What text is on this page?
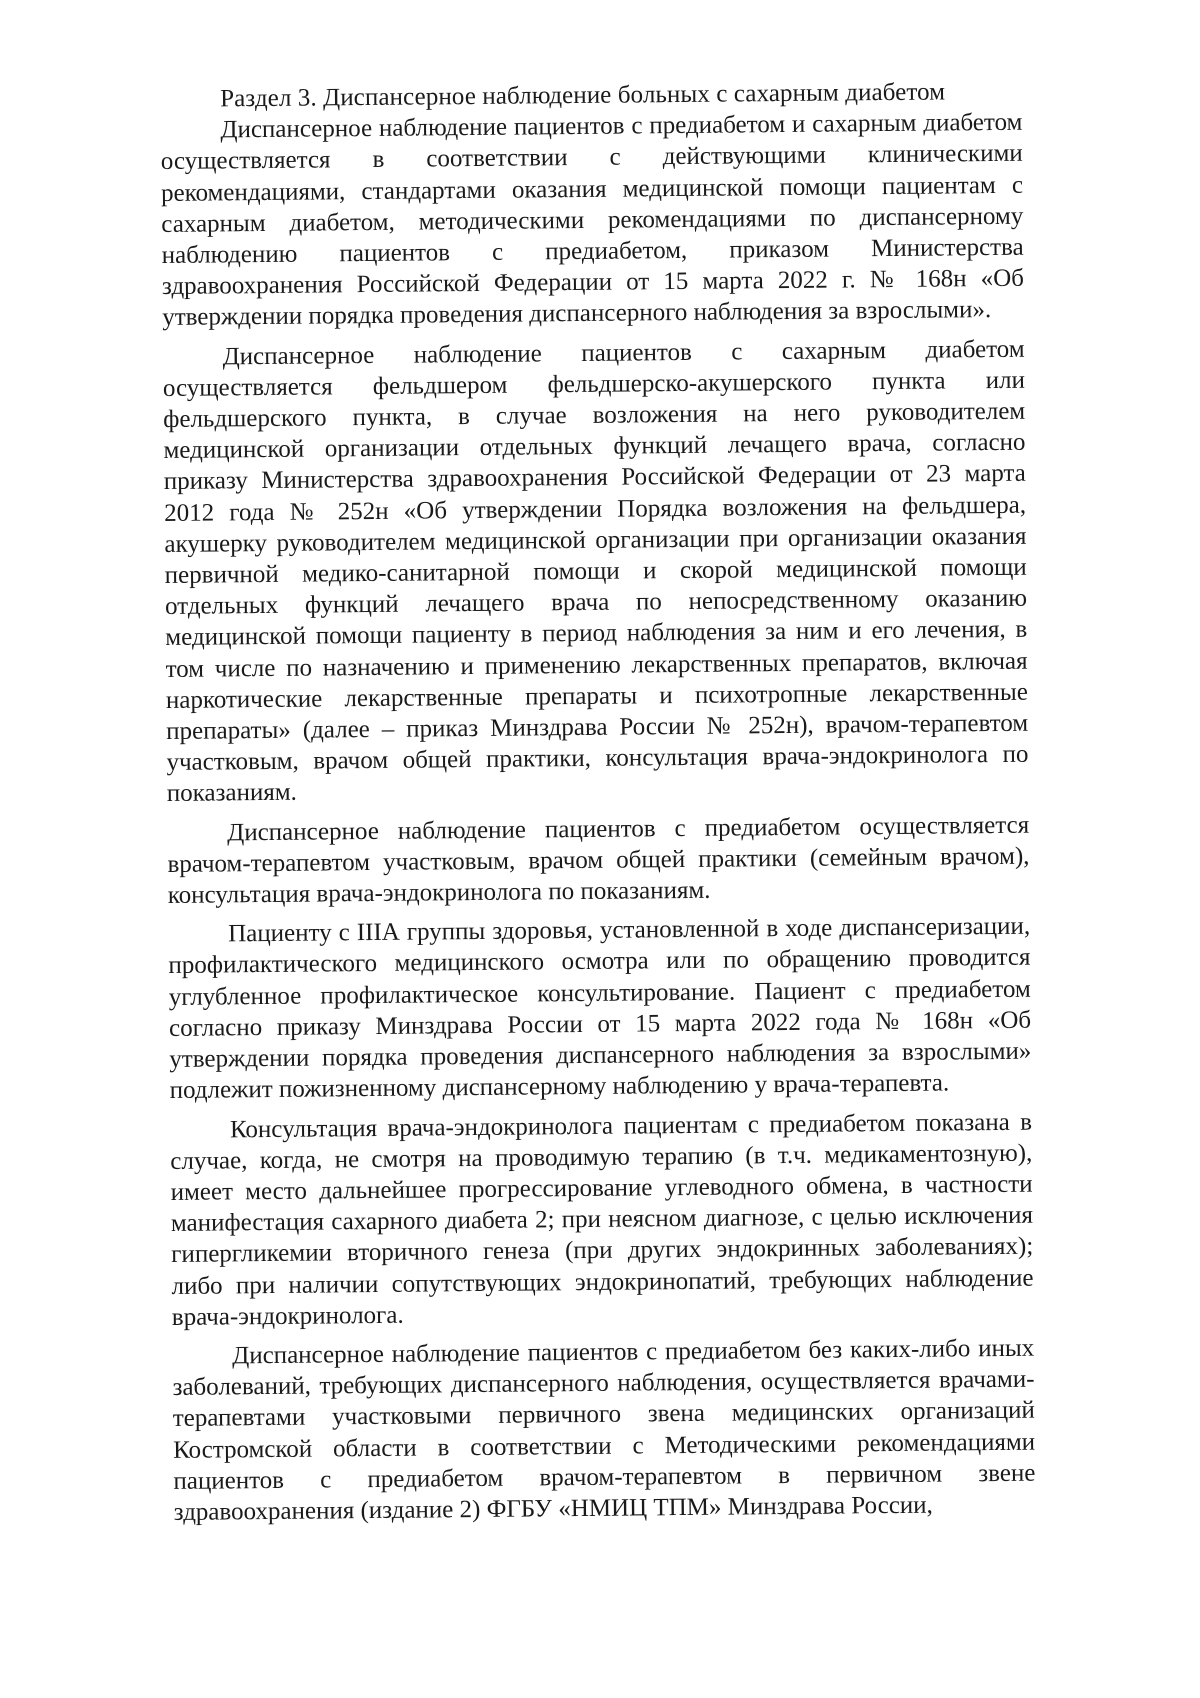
Раздел 3. Диспансерное наблюдение больных с сахарным диабетом

Диспансерное наблюдение пациентов с предиабетом и сахарным диабетом осуществляется в соответствии с действующими клиническими рекомендациями, стандартами оказания медицинской помощи пациентам с сахарным диабетом, методическими рекомендациями по диспансерному наблюдению пациентов с предиабетом, приказом Министерства здравоохранения Российской Федерации от 15 марта 2022 г. № 168н «Об утверждении порядка проведения диспансерного наблюдения за взрослыми».

Диспансерное наблюдение пациентов с сахарным диабетом осуществляется фельдшером фельдшерско-акушерского пункта или фельдшерского пункта, в случае возложения на него руководителем медицинской организации отдельных функций лечащего врача, согласно приказу Министерства здравоохранения Российской Федерации от 23 марта 2012 года № 252н «Об утверждении Порядка возложения на фельдшера, акушерку руководителем медицинской организации при организации оказания первичной медико-санитарной помощи и скорой медицинской помощи отдельных функций лечащего врача по непосредственному оказанию медицинской помощи пациенту в период наблюдения за ним и его лечения, в том числе по назначению и применению лекарственных препаратов, включая наркотические лекарственные препараты и психотропные лекарственные препараты» (далее – приказ Минздрава России № 252н), врачом-терапевтом участковым, врачом общей практики, консультация врача-эндокринолога по показаниям.

Диспансерное наблюдение пациентов с предиабетом осуществляется врачом-терапевтом участковым, врачом общей практики (семейным врачом), консультация врача-эндокринолога по показаниям.

Пациенту с IIIА группы здоровья, установленной в ходе диспансеризации, профилактического медицинского осмотра или по обращению проводится углубленное профилактическое консультирование. Пациент с предиабетом согласно приказу Минздрава России от 15 марта 2022 года № 168н «Об утверждении порядка проведения диспансерного наблюдения за взрослыми» подлежит пожизненному диспансерному наблюдению у врача-терапевта.

Консультация врача-эндокринолога пациентам с предиабетом показана в случае, когда, не смотря на проводимую терапию (в т.ч. медикаментозную), имеет место дальнейшее прогрессирование углеводного обмена, в частности манифестация сахарного диабета 2; при неясном диагнозе, с целью исключения гипергликемии вторичного генеза (при других эндокринных заболеваниях); либо при наличии сопутствующих эндокринопатий, требующих наблюдение врача-эндокринолога.

Диспансерное наблюдение пациентов с предиабетом без каких-либо иных заболеваний, требующих диспансерного наблюдения, осуществляется врачами-терапевтами участковыми первичного звена медицинских организаций Костромской области в соответствии с Методическими рекомендациями пациентов с предиабетом врачом-терапевтом в первичном звене здравоохранения (издание 2) ФГБУ «НМИЦ ТПМ» Минздрава России,
